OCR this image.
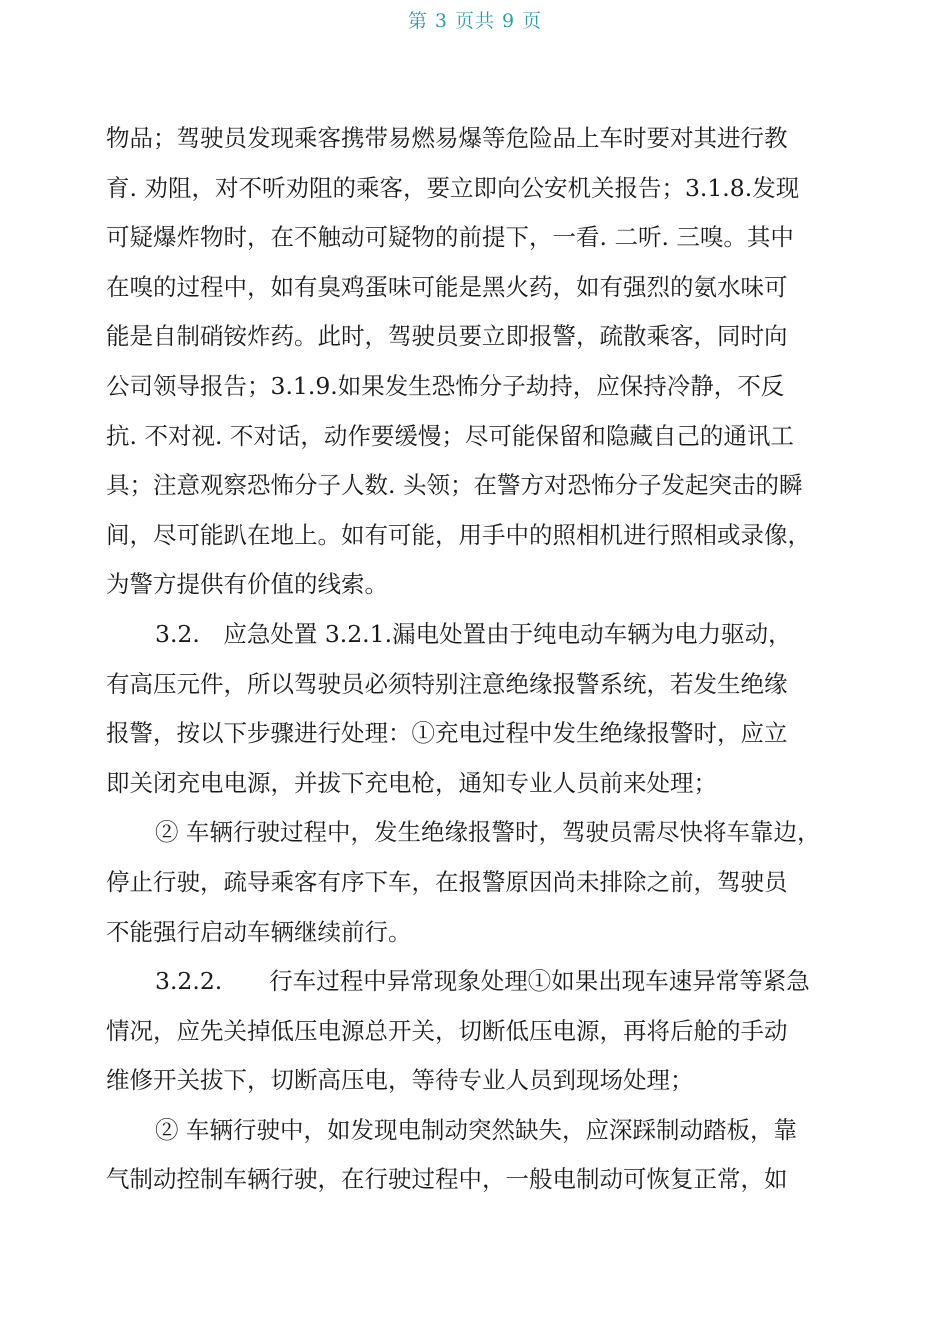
第 3 页共 9 页
物品；驾驶员发现乘客携带易燃易爆等危险品上车时要对其进行教
育. 劝阻，对不听劝阻的乘客，要立即向公安机关报告；3.1.8.发现
可疑爆炸物时，在不触动可疑物的前提下，一看. 二听. 三嗅。其中
在嗅的过程中，如有臭鸡蛋味可能是黑火药，如有强烈的氨水味可
能是自制硝铵炸药。此时，驾驶员要立即报警，疏散乘客，同时向
公司领导报告；3.1.9.如果发生恐怖分子劫持，应保持冷静，不反
抗. 不对视. 不对话，动作要缓慢；尽可能保留和隐藏自己的通讯工
具；注意观察恐怖分子人数. 头领；在警方对恐怖分子发起突击的瞬
间，尽可能趴在地上。如有可能，用手中的照相机进行照相或录像，
为警方提供有价值的线索。
3.2.　应急处置 3.2.1.漏电处置由于纯电动车辆为电力驱动，
有高压元件，所以驾驶员必须特别注意绝缘报警系统，若发生绝缘
报警，按以下步骤进行处理：①充电过程中发生绝缘报警时，应立
即关闭充电电源，并拔下充电枪，通知专业人员前来处理；
② 车辆行驶过程中，发生绝缘报警时，驾驶员需尽快将车靠边，
停止行驶，疏导乘客有序下车，在报警原因尚未排除之前，驾驶员
不能强行启动车辆继续前行。
3.2.2.　　行车过程中异常现象处理①如果出现车速异常等紧急
情况，应先关掉低压电源总开关，切断低压电源，再将后舱的手动
维修开关拔下，切断高压电，等待专业人员到现场处理；
② 车辆行驶中，如发现电制动突然缺失，应深踩制动踏板，靠
气制动控制车辆行驶，在行驶过程中，一般电制动可恢复正常，如
